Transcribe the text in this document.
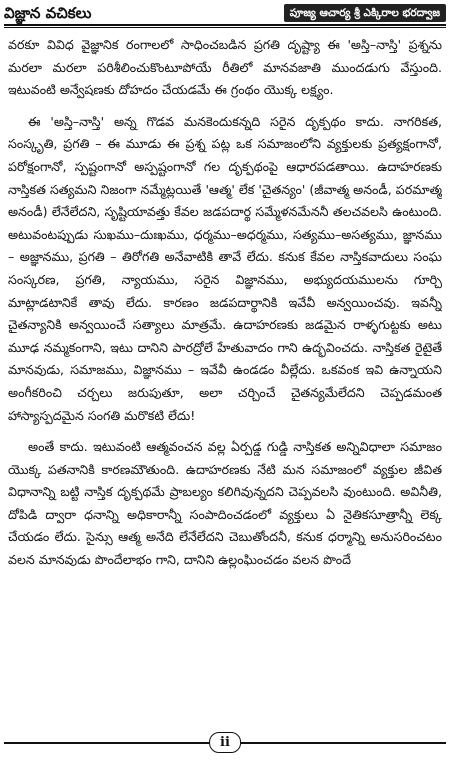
విజ్ఞాన వచికలు	పూజ్య ఆచార్య శ్రీ ఎక్కిరాల భరద్వాజ

వరకూ వివిధ వైజ్ఞానిక రంగాలలో సాధించబడిన ప్రగతి దృష్ట్యా ఈ 'అస్తి–నాస్తి' ప్రశ్నను మరలా మరలా పరిశీలించుకొంటూపోయే రీతిలో మానవజాతి ముందడుగు వేస్తుంది. ఇటువంటి అన్వేషణకు దోహదం చేయడమే ఈ గ్రంథం యొక్క లక్ష్యం.

ఈ 'అస్తి–నాస్తి' అన్న గొడవ మనకెందుకన్నది సరైన దృక్పథం కాదు. నాగరికత, సంస్కృతి, ప్రగతి – ఈ మూడు ఈ ప్రశ్న పట్ల ఒక సమాజంలోని వ్యక్తులకు ప్రత్యక్షంగానో, పరోక్షంగానో, స్పష్టంగానో అస్పష్టంగానో గల దృక్పథంపై ఆధారపడతాయి. ఉదాహరణకు నాస్తికత సత్యమని నిజంగా నమ్మేట్లయితే 'ఆత్మ' లేక 'చైతన్యం' (జీవాత్మ అనండీ, పరమాత్మ అనండీ) లేనేలేదని, సృష్టియావత్తు కేవల జడపదార్థ సమ్మేళనమేననీ తలచవలసి ఉంటుంది. అటువంటప్పుడు సుఖము–దుఃఖము, ధర్మము–అధర్మము, సత్యము–అసత్యము, జ్ఞానము – అజ్ఞానము, ప్రగతి – తిరోగతి అనేవాటికి తావే లేదు. కనుక కేవల నాస్తికవాదులు సంఘ సంస్కరణ, ప్రగతి, న్యాయము, సరైన విజ్ఞానము, అభ్యుదయములను గూర్చి మాట్లాడటానికే తావు లేదు. కారణం జడపదార్థానికి ఇవేవీ అన్వయించవు. ఇవన్నీ చైతన్యానికి అన్వయించే సత్యాలు మాత్రమే. ఉదాహరణకు జడమైన రాళ్ళగుట్టకు అటు మూఢ నమ్మకంగాని, ఇటు దానిని పారద్రోలే హేతువాదం గాని ఉద్భవించదు. నాస్తికత రైటైతే మానవుడు, సమాజము, విజ్ఞానము – ఇవేవీ ఉండడం వీల్లేదు. ఒకవంక ఇవి ఉన్నాయని అంగీకరించి చర్చలు జరుపుతూ, అలా చర్చించే చైతన్యమేలేదని చెప్పడమంత హాస్యాస్పదమైన సంగతి మరొకటి లేదు!

అంతే కాదు. ఇటువంటి ఆత్మవంచన వల్ల ఏర్పడ్డ గుడ్డి నాస్తికత అన్నివిధాలా సమాజం యొక్క పతనానికి కారణమౌతుంది. ఉదాహరణకు నేటి మన సమాజంలో వ్యక్తుల జీవిత విధానాన్ని బట్టి నాస్తిక దృక్పథమే ప్రాబల్యం కలిగివున్నదని చెప్పవలసి వుంటుంది. అవినీతి, దోపిడి ద్వారా ధనాన్ని అధికారాన్నీ సంపాదించడంలో వ్యక్తులు ఏ నైతికసూత్రాన్నీ లెక్క చేయడం లేదు. సైన్సు ఆత్మ అనేది లేనేలేదని చెబుతోందనీ, కనుక ధర్మాన్ని అనుసరించటం వలన మానవుడు పొందేలాభం గాని, దానిని ఉల్లంఘించడం వలన పొందే

ii
